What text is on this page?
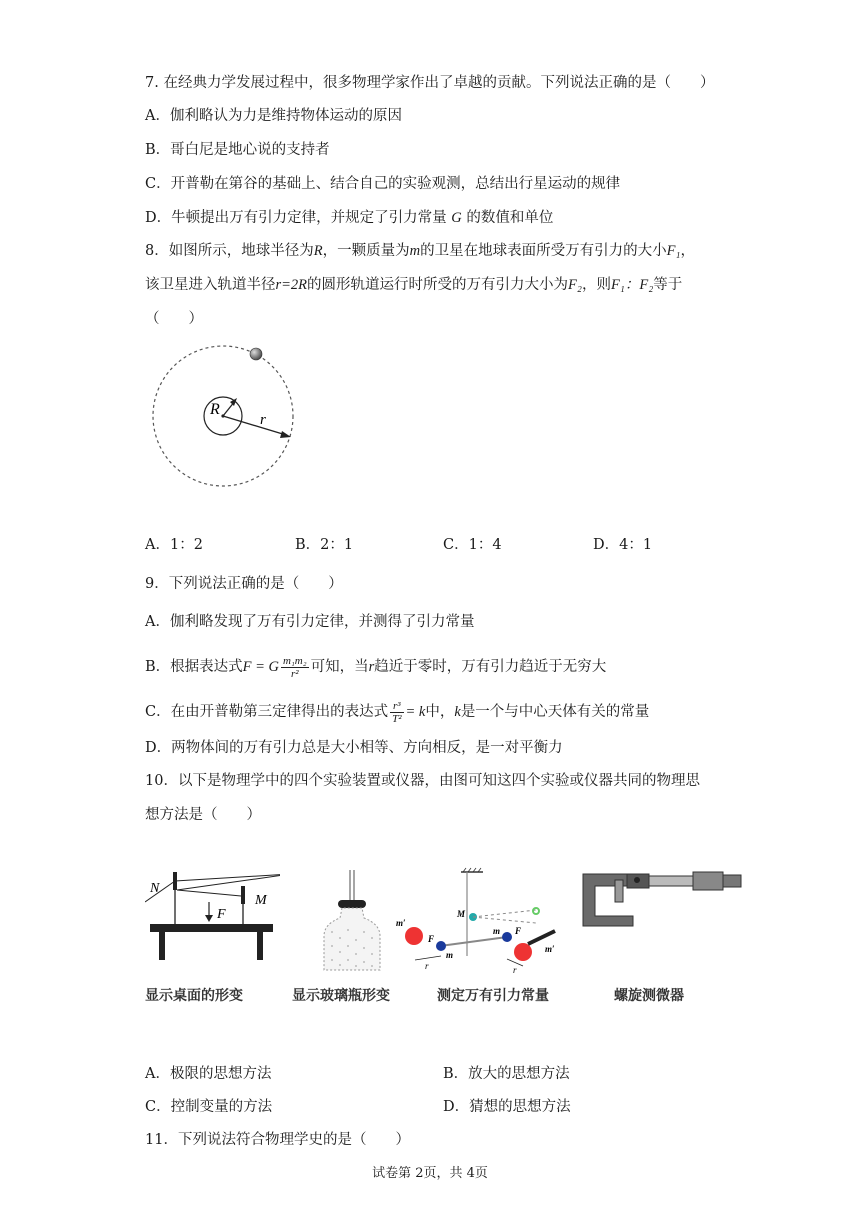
7. 在经典力学发展过程中，很多物理学家作出了卓越的贡献。下列说法正确的是（　　）
A．伽利略认为力是维持物体运动的原因
B．哥白尼是地心说的支持者
C．开普勒在第谷的基础上、结合自己的实验观测，总结出行星运动的规律
D．牛顿提出万有引力定律，并规定了引力常量 G 的数值和单位
8．如图所示，地球半径为R，一颗质量为m的卫星在地球表面所受万有引力的大小F₁，
该卫星进入轨道半径r=2R的圆形轨道运行时所受的万有引力大小为F₂，则F₁：F₂等于
（　　）
R
r
A．1：2	B．2：1	C．1：4	D．4：1
9．下列说法正确的是（　　）
A．伽利略发现了万有引力定律，并测得了引力常量
B．根据表达式F = G $\frac{\text{m₁m₂}}{\text{r²}}$ 可知，当r趋近于零时，万有引力趋近于无穷大
C．在由开普勒第三定律得出的表达式 $\frac{\text{r³}}{\text{T²}} = k$中，k是一个与中心天体有关的常量
D．两物体间的万有引力总是大小相等、方向相反，是一对平衡力
10．以下是物理学中的四个实验装置或仪器，由图可知这四个实验或仪器共同的物理思
想方法是（　　）
N
M
F	M
m′
m′
F
F
m
m
r	r
显示桌面的形变	显示玻璃瓶形变	测定万有引力常量	螺旋测微器
A．极限的思想方法	B．放大的思想方法
C．控制变量的方法	D．猜想的思想方法
11．下列说法符合物理学史的是（　　）
试卷第 2页，共 4页
